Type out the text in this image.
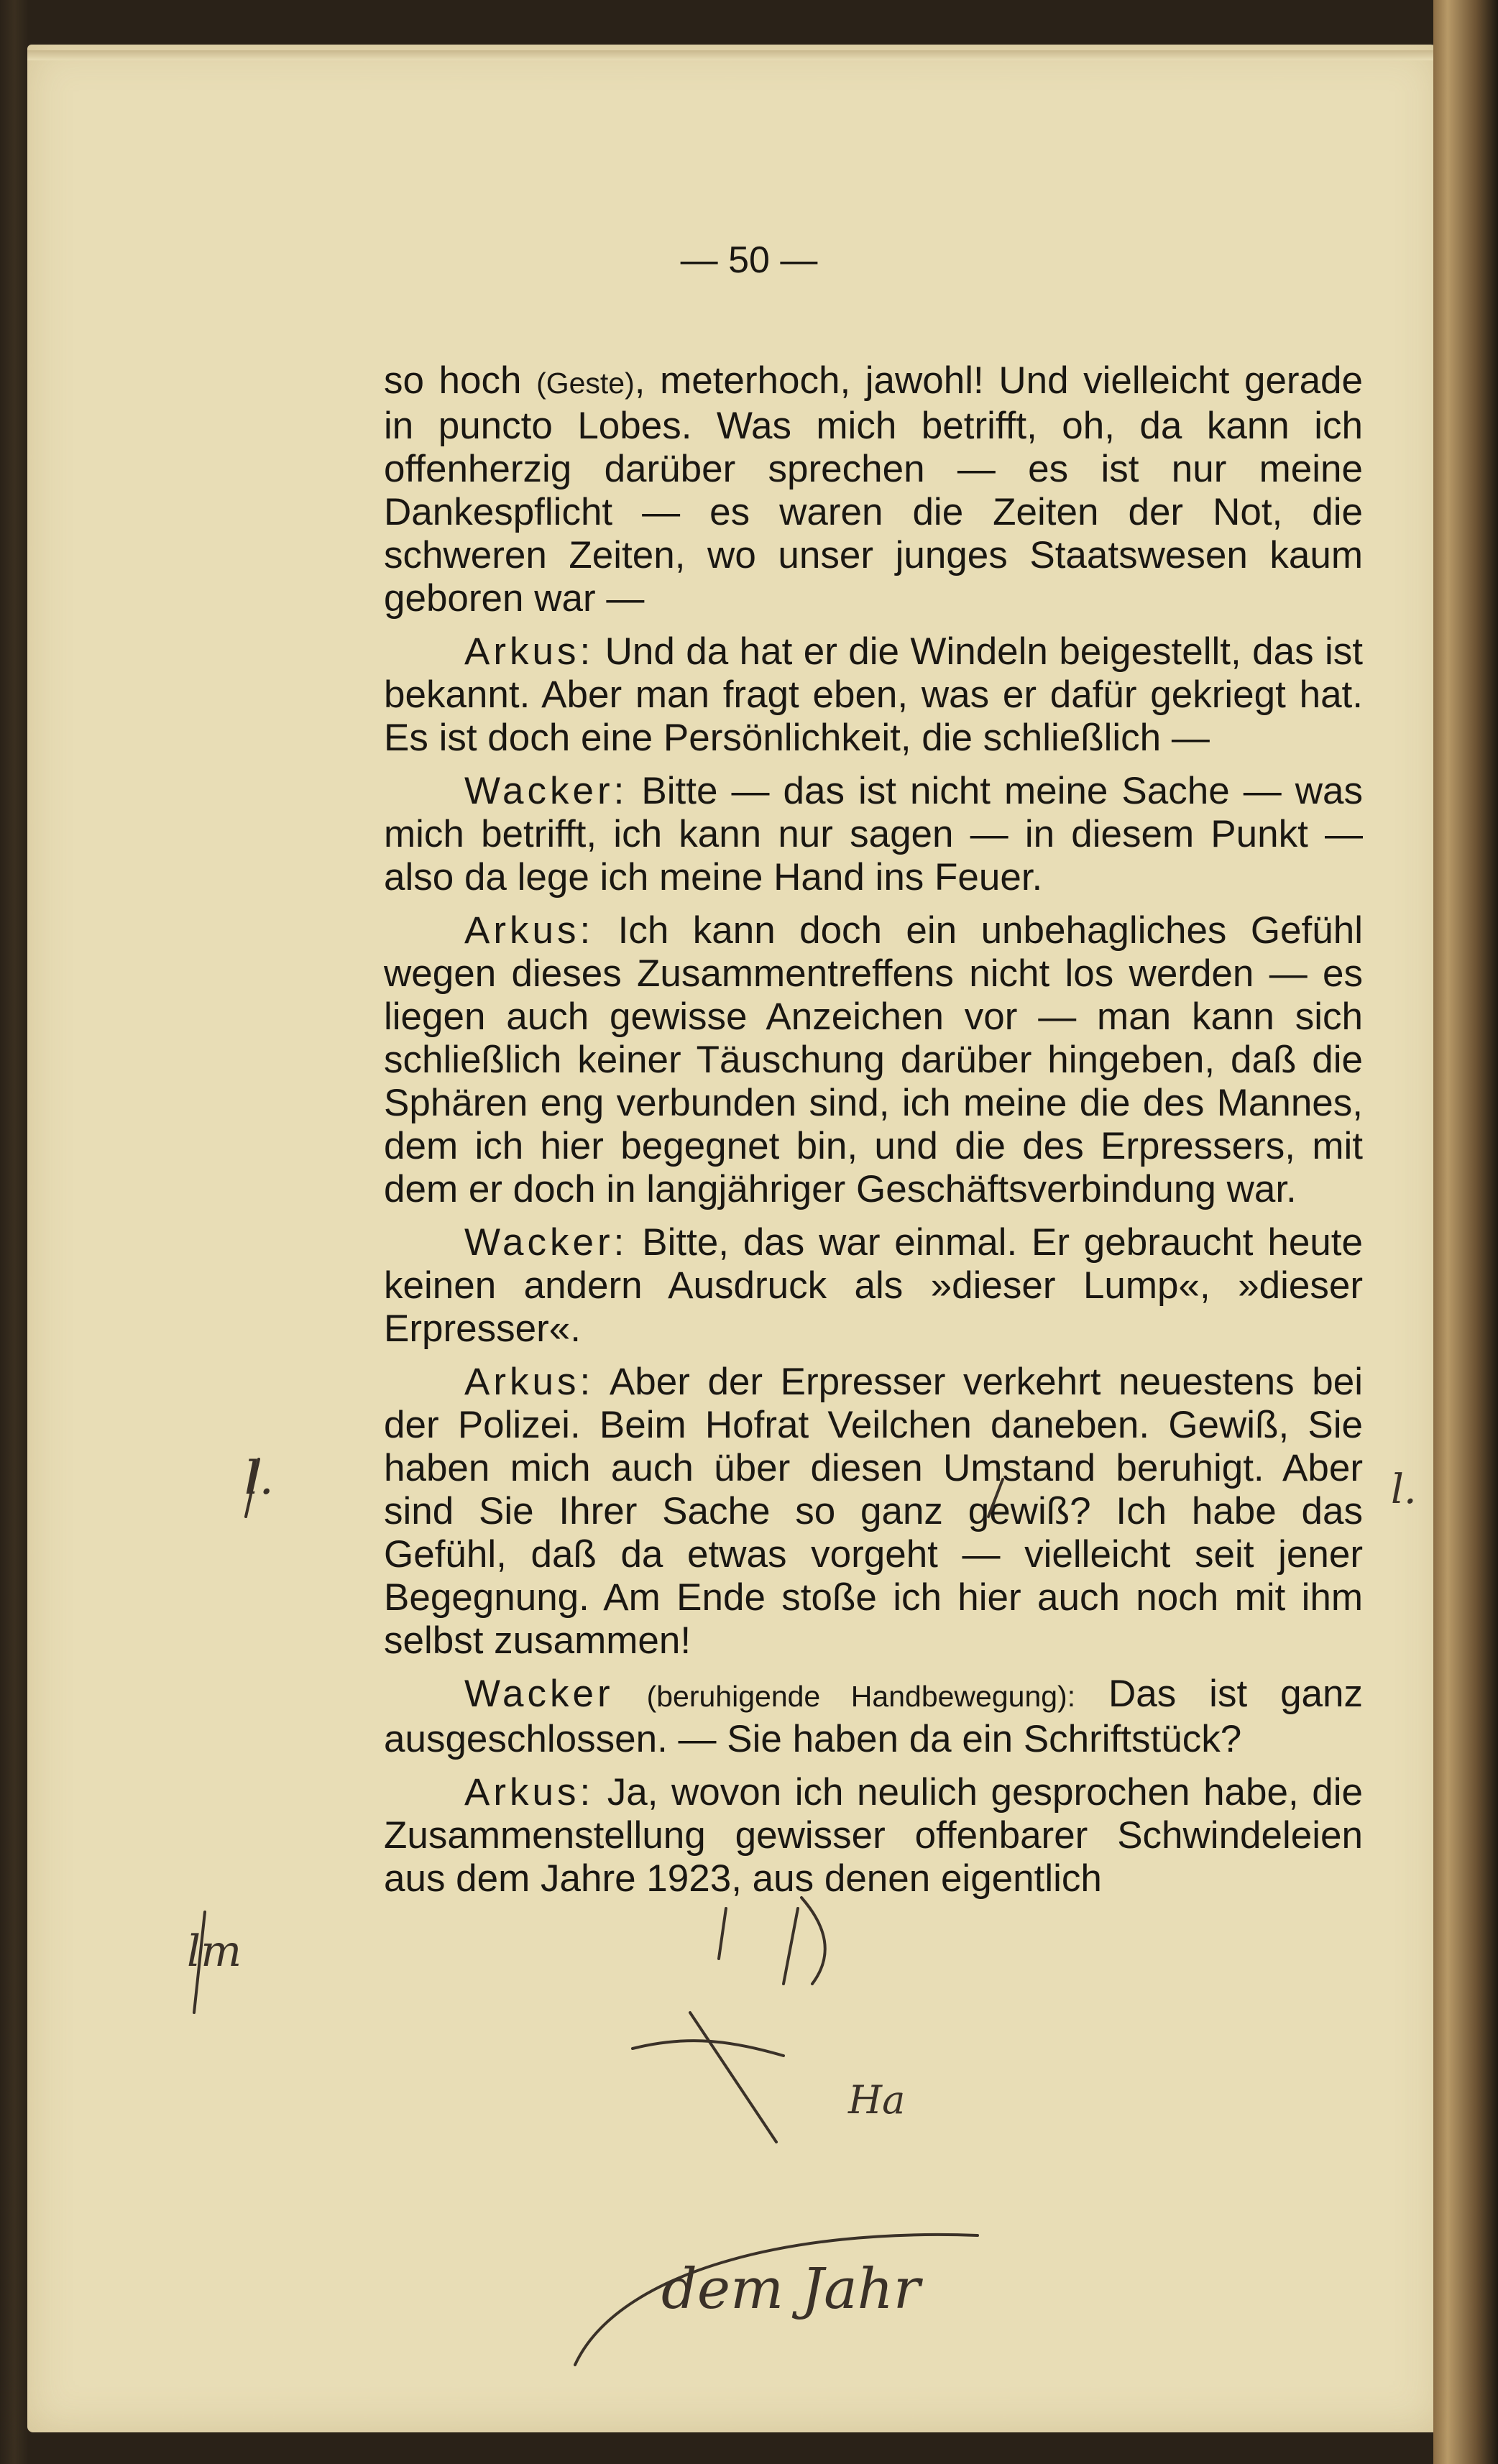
— 50 —

so hoch (Geste), meterhoch, jawohl! Und vielleicht gerade in puncto Lobes. Was mich betrifft, oh, da kann ich offenherzig darüber sprechen — es ist nur meine Dankespflicht — es waren die Zeiten der Not, die schweren Zeiten, wo unser junges Staatswesen kaum geboren war —

Arkus: Und da hat er die Windeln beigestellt, das ist bekannt. Aber man fragt eben, was er dafür gekriegt hat. Es ist doch eine Persönlichkeit, die schließlich —

Wacker: Bitte — das ist nicht meine Sache — was mich betrifft, ich kann nur sagen — in diesem Punkt — also da lege ich meine Hand ins Feuer.

Arkus: Ich kann doch ein unbehagliches Gefühl wegen dieses Zusammentreffens nicht los werden — es liegen auch gewisse Anzeichen vor — man kann sich schließlich keiner Täuschung darüber hingeben, daß die Sphären eng verbunden sind, ich meine die des Mannes, dem ich hier begegnet bin, und die des Erpressers, mit dem er doch in langjähriger Geschäftsverbindung war.

Wacker: Bitte, das war einmal. Er gebraucht heute keinen andern Ausdruck als »dieser Lump«, »dieser Erpresser«.

Arkus: Aber der Erpresser verkehrt neuestens bei der Polizei. Beim Hofrat Veilchen daneben. Gewiß, Sie haben mich auch über diesen Umstand beruhigt. Aber sind Sie Ihrer Sache so ganz gewiß? Ich habe das Gefühl, daß da etwas vorgeht — vielleicht seit jener Begegnung. Am Ende stoße ich hier auch noch mit ihm selbst zusammen!

Wacker (beruhigende Handbewegung): Das ist ganz ausgeschlossen. — Sie haben da ein Schriftstück?

Arkus: Ja, wovon ich neulich gesprochen habe, die Zusammenstellung gewisser offenbarer Schwindeleien aus dem Jahre 1923, aus denen eigentlich

l.	l.
lm
Ha
dem Jahr
